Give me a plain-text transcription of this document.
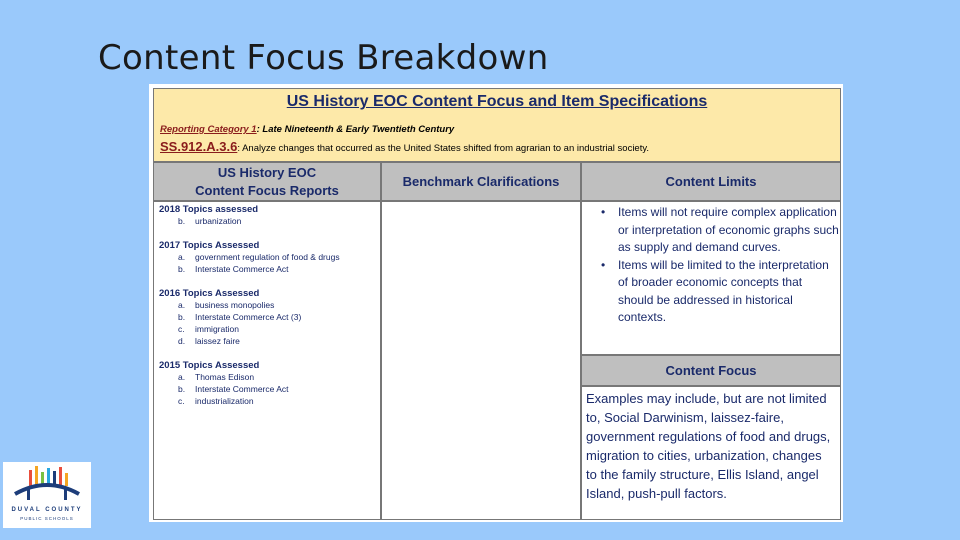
Content Focus Breakdown
US History EOC Content Focus and Item Specifications
Reporting Category 1: Late Nineteenth & Early Twentieth Century
SS.912.A.3.6: Analyze changes that occurred as the United States shifted from agrarian to an industrial society.
US History EOC
Content Focus Reports
Benchmark Clarifications	Content Limits
2018 Topics assessed
b. urbanization
2017 Topics Assessed
a. government regulation of food & drugs
b. Interstate Commerce Act
2016 Topics Assessed
a. business monopolies
b. Interstate Commerce Act (3)
c. immigration
d. laissez faire
2015 Topics Assessed
a. Thomas Edison
b. Interstate Commerce Act
c. industrialization
• Items will not require complex application or interpretation of economic graphs such as supply and demand curves.
• Items will be limited to the interpretation of broader economic concepts that should be addressed in historical contexts.
Content Focus
Examples may include, but are not limited to, Social Darwinism, laissez-faire, government regulations of food and drugs, migration to cities, urbanization, changes to the family structure, Ellis Island, angel Island, push-pull factors.
DUVAL COUNTY
PUBLIC SCHOOLS
